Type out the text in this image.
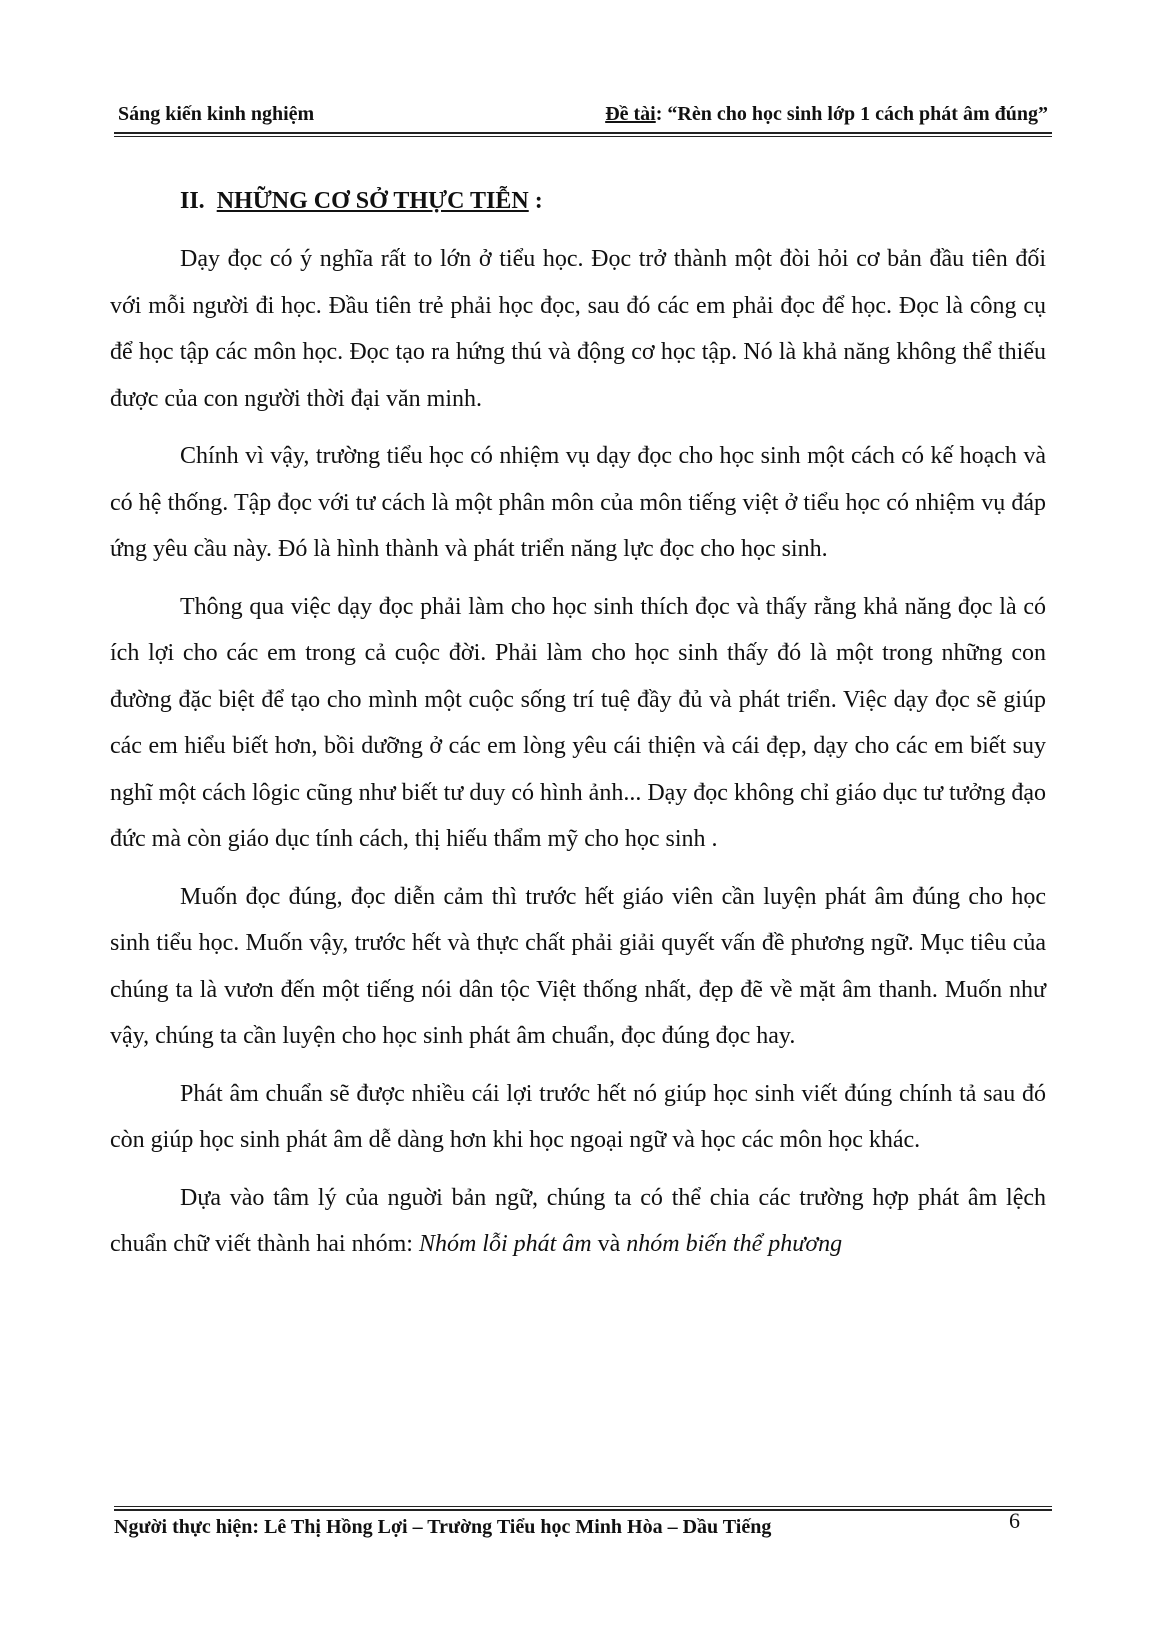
Sáng kiến kinh nghiệm	Đề tài: “Rèn cho học sinh lớp 1 cách phát âm đúng”
II. NHỮNG CƠ SỞ THỰC TIỄN :

Dạy đọc có ý nghĩa rất to lớn ở tiểu học. Đọc trở thành một đòi hỏi cơ bản đầu tiên đối với mỗi người đi học. Đầu tiên trẻ phải học đọc, sau đó các em phải đọc để học. Đọc là công cụ để học tập các môn học. Đọc tạo ra hứng thú và động cơ học tập. Nó là khả năng không thể thiếu được của con người thời đại văn minh.

Chính vì vậy, trường tiểu học có nhiệm vụ dạy đọc cho học sinh một cách có kế hoạch và có hệ thống. Tập đọc với tư cách là một phân môn của môn tiếng việt ở tiểu học có nhiệm vụ đáp ứng yêu cầu này. Đó là hình thành và phát triển năng lực đọc cho học sinh.

Thông qua việc dạy đọc phải làm cho học sinh thích đọc và thấy rằng khả năng đọc là có ích lợi cho các em trong cả cuộc đời. Phải làm cho học sinh thấy đó là một trong những con đường đặc biệt để tạo cho mình một cuộc sống trí tuệ đầy đủ và phát triển. Việc dạy đọc sẽ giúp các em hiểu biết hơn, bồi dưỡng ở các em lòng yêu cái thiện và cái đẹp, dạy cho các em biết suy nghĩ một cách lôgic cũng như biết tư duy có hình ảnh... Dạy đọc không chỉ giáo dục tư tưởng đạo đức mà còn giáo dục tính cách, thị hiếu thẩm mỹ cho học sinh .

Muốn đọc đúng, đọc diễn cảm thì trước hết giáo viên cần luyện phát âm đúng cho học sinh tiểu học. Muốn vậy, trước hết và thực chất phải giải quyết vấn đề phương ngữ. Mục tiêu của chúng ta là vươn đến một tiếng nói dân tộc Việt thống nhất, đẹp đẽ về mặt âm thanh. Muốn như vậy, chúng ta cần luyện cho học sinh phát âm chuẩn, đọc đúng đọc hay.

Phát âm chuẩn sẽ được nhiều cái lợi trước hết nó giúp học sinh viết đúng chính tả sau đó còn giúp học sinh phát âm dễ dàng hơn khi học ngoại ngữ và học các môn học khác.

Dựa vào tâm lý của nguời bản ngữ, chúng ta có thể chia các trường hợp phát âm lệch chuẩn chữ viết thành hai nhóm: Nhóm lỗi phát âm và nhóm biến thể phương

Người thực hiện: Lê Thị Hồng Lợi – Trường Tiểu học Minh Hòa – Dầu Tiếng	6
